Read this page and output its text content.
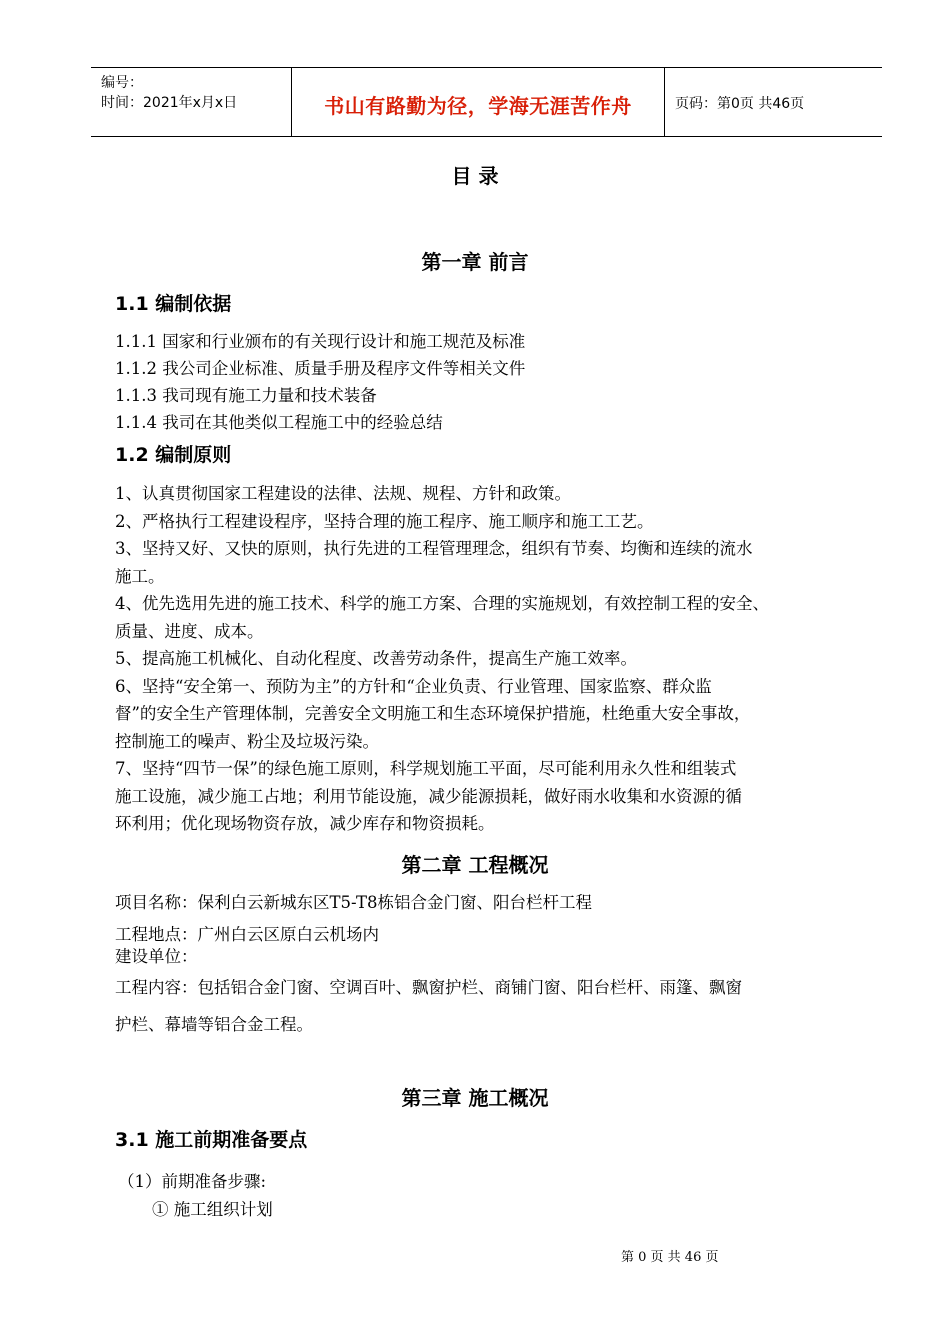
编号：
时间：2021年x月x日	书山有路勤为径，学海无涯苦作舟	页码：第0页 共46页
目 录
第一章 前言
1.1 编制依据
1.1.1 国家和行业颁布的有关现行设计和施工规范及标准
1.1.2 我公司企业标准、质量手册及程序文件等相关文件
1.1.3 我司现有施工力量和技术装备
1.1.4 我司在其他类似工程施工中的经验总结
1.2 编制原则
1、认真贯彻国家工程建设的法律、法规、规程、方针和政策。
2、严格执行工程建设程序，坚持合理的施工程序、施工顺序和施工工艺。
3、坚持又好、又快的原则，执行先进的工程管理理念，组织有节奏、均衡和连续的流水
施工。
4、优先选用先进的施工技术、科学的施工方案、合理的实施规划，有效控制工程的安全、
质量、进度、成本。
5、提高施工机械化、自动化程度、改善劳动条件，提高生产施工效率。
6、坚持“安全第一、预防为主”的方针和“企业负责、行业管理、国家监察、群众监
督”的安全生产管理体制，完善安全文明施工和生态环境保护措施，杜绝重大安全事故，
控制施工的噪声、粉尘及垃圾污染。
7、坚持“四节一保”的绿色施工原则，科学规划施工平面，尽可能利用永久性和组装式
施工设施，减少施工占地；利用节能设施，减少能源损耗，做好雨水收集和水资源的循
环利用；优化现场物资存放，减少库存和物资损耗。
第二章 工程概况
项目名称：保利白云新城东区T5-T8栋铝合金门窗、阳台栏杆工程
工程地点：广州白云区原白云机场内
建设单位：
工程内容：包括铝合金门窗、空调百叶、飘窗护栏、商铺门窗、阳台栏杆、雨篷、飘窗
护栏、幕墙等铝合金工程。
第三章 施工概况
3.1 施工前期准备要点
（1）前期准备步骤:
① 施工组织计划
第 0 页 共 46 页
